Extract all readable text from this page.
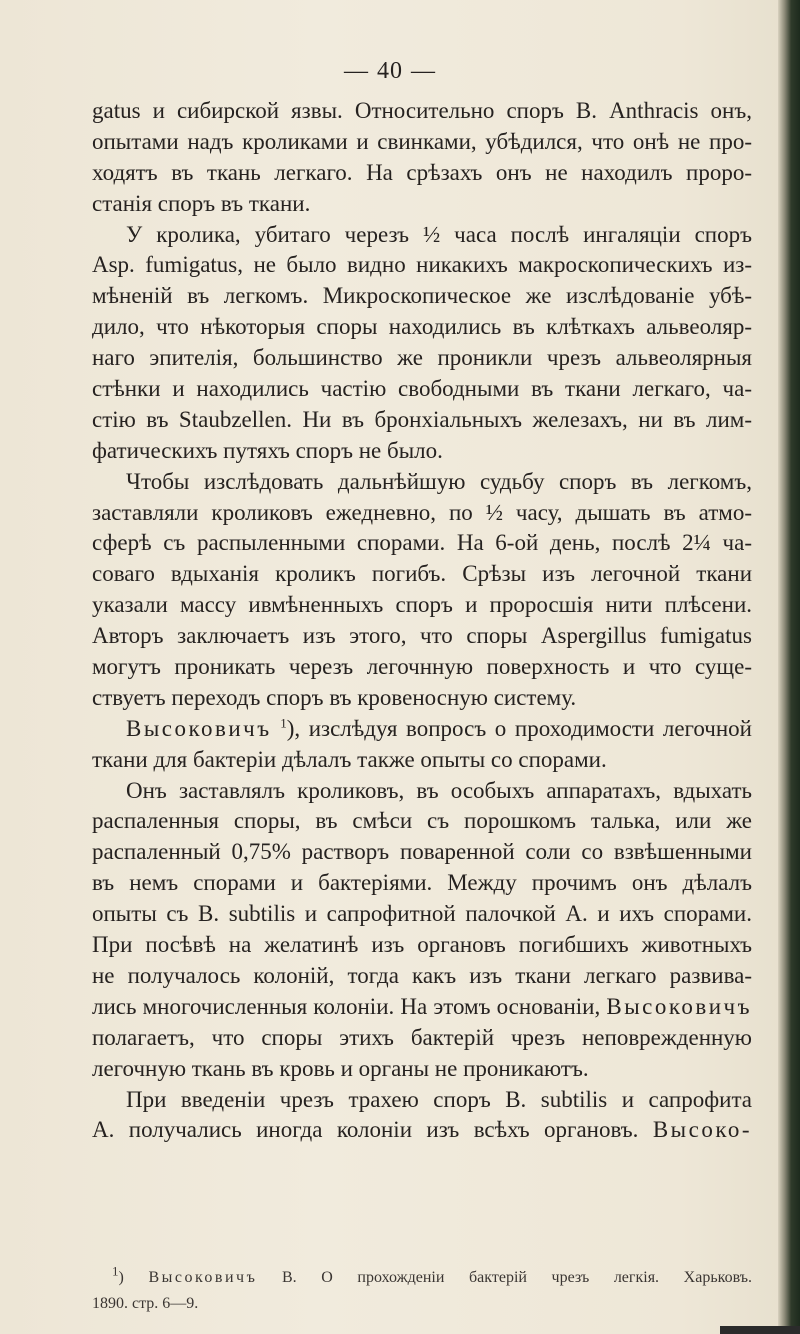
— 40 —
gatus и сибирской язвы. Относительно споръ В. Anthracis онъ,
опытами надъ кроликами и свинками, убѣдился, что онѣ не про-
ходятъ въ ткань легкаго. На срѣзахъ онъ не находилъ проро-
станія споръ въ ткани.
У кролика, убитаго черезъ ½ часа послѣ ингаляціи споръ
Asp. fumigatus, не было видно никакихъ макроскопическихъ из-
мѣненій въ легкомъ. Микроскопическое же изслѣдованіе убѣ-
дило, что нѣкоторыя споры находились въ клѣткахъ альвеоляр-
наго эпителія, большинство же проникли чрезъ альвеолярныя
стѣнки и находились частію свободными въ ткани легкаго, ча-
стію въ Staubzellen. Ни въ бронхіальныхъ железахъ, ни въ лим-
фатическихъ путяхъ споръ не было.
Чтобы изслѣдовать дальнѣйшую судьбу споръ въ легкомъ,
заставляли кроликовъ ежедневно, по ½ часу, дышать въ атмо-
сферѣ съ распыленными спорами. На 6-ой день, послѣ 2¼ ча-
соваго вдыханія кроликъ погибъ. Срѣзы изъ легочной ткани
указали массу ивмѣненныхъ споръ и проросшія нити плѣсени.
Авторъ заключаетъ изъ этого, что споры Aspergillus fumigatus
могутъ проникать черезъ легочнную поверхность и что суще-
ствуетъ переходъ споръ въ кровеносную систему.
Высоковичъ $^1$), изслѣдуя вопросъ о проходимости легочной
ткани для бактеріи дѣлалъ также опыты со спорами.
Онъ заставлялъ кроликовъ, въ особыхъ аппаратахъ, вдыхать
распаленныя споры, въ смѣси съ порошкомъ талька, или же
распаленный 0,75% растворъ поваренной соли со взвѣшенными
въ немъ спорами и бактеріями. Между прочимъ онъ дѣлалъ
опыты съ В. subtilis и сапрофитной палочкой А. и ихъ спорами.
При посѣвѣ на желатинѣ изъ органовъ погибшихъ животныхъ
не получалось колоній, тогда какъ изъ ткани легкаго развива-
лись многочисленныя колоніи. На этомъ основаніи, Высоковичъ
полагаетъ, что споры этихъ бактерій чрезъ неповрежденную
легочную ткань въ кровь и органы не проникаютъ.
При введеніи чрезъ трахею споръ В. subtilis и сапрофита
А. получались иногда колоніи изъ всѣхъ органовъ. Высоко-
$^1$) Высоковичъ В. О прохожденіи бактерій чрезъ легкія. Харьковъ.
1890. стр. 6—9.
